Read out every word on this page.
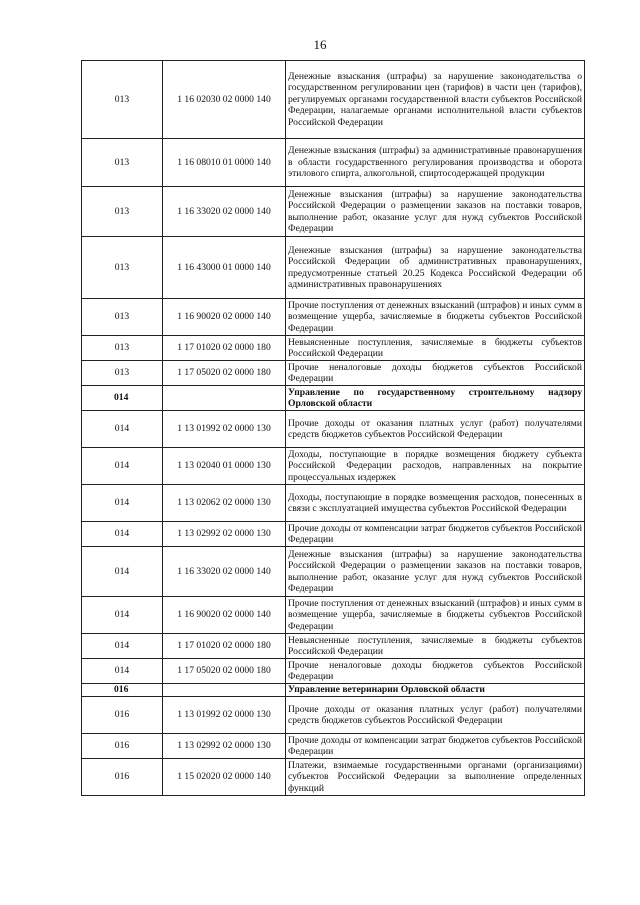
16
013	1 16 02030 02 0000 140	Денежные взыскания (штрафы) за нарушение законодательства о государственном регулировании цен (тарифов) в части цен (тарифов), регулируемых органами государственной власти субъектов Российской Федерации, налагаемые органами исполнительной власти субъектов Российской Федерации
013	1 16 08010 01 0000 140	Денежные взыскания (штрафы) за административные правонарушения в области государственного регулирования производства и оборота этилового спирта, алкогольной, спиртосодержащей продукции
013	1 16 33020 02 0000 140	Денежные взыскания (штрафы) за нарушение законодательства Российской Федерации о размещении заказов на поставки товаров, выполнение работ, оказание услуг для нужд субъектов Российской Федерации
013	1 16 43000 01 0000 140	Денежные взыскания (штрафы) за нарушение законодательства Российской Федерации об административных правонарушениях, предусмотренные статьей 20.25 Кодекса Российской Федерации об административных правонарушениях
013	1 16 90020 02 0000 140	Прочие поступления от денежных взысканий (штрафов) и иных сумм в возмещение ущерба, зачисляемые в бюджеты субъектов Российской Федерации
013	1 17 01020 02 0000 180	Невыясненные поступления, зачисляемые в бюджеты субъектов Российской Федерации
013	1 17 05020 02 0000 180	Прочие неналоговые доходы бюджетов субъектов Российской Федерации
014		Управление по государственному строительному надзору Орловской области
014	1 13 01992 02 0000 130	Прочие доходы от оказания платных услуг (работ) получателями средств бюджетов субъектов Российской Федерации
014	1 13 02040 01 0000 130	Доходы, поступающие в порядке возмещения бюджету субъекта Российской Федерации расходов, направленных на покрытие процессуальных издержек
014	1 13 02062 02 0000 130	Доходы, поступающие в порядке возмещения расходов, понесенных в связи с эксплуатацией имущества субъектов Российской Федерации
014	1 13 02992 02 0000 130	Прочие доходы от компенсации затрат бюджетов субъектов Российской Федерации
014	1 16 33020 02 0000 140	Денежные взыскания (штрафы) за нарушение законодательства Российской Федерации о размещении заказов на поставки товаров, выполнение работ, оказание услуг для нужд субъектов Российской Федерации
014	1 16 90020 02 0000 140	Прочие поступления от денежных взысканий (штрафов) и иных сумм в возмещение ущерба, зачисляемые в бюджеты субъектов Российской Федерации
014	1 17 01020 02 0000 180	Невыясненные поступления, зачисляемые в бюджеты субъектов Российской Федерации
014	1 17 05020 02 0000 180	Прочие неналоговые доходы бюджетов субъектов Российской Федерации
016		Управление ветеринарии Орловской области
016	1 13 01992 02 0000 130	Прочие доходы от оказания платных услуг (работ) получателями средств бюджетов субъектов Российской Федерации
016	1 13 02992 02 0000 130	Прочие доходы от компенсации затрат бюджетов субъектов Российской Федерации
016	1 15 02020 02 0000 140	Платежи, взимаемые государственными органами (организациями) субъектов Российской Федерации за выполнение определенных функций
